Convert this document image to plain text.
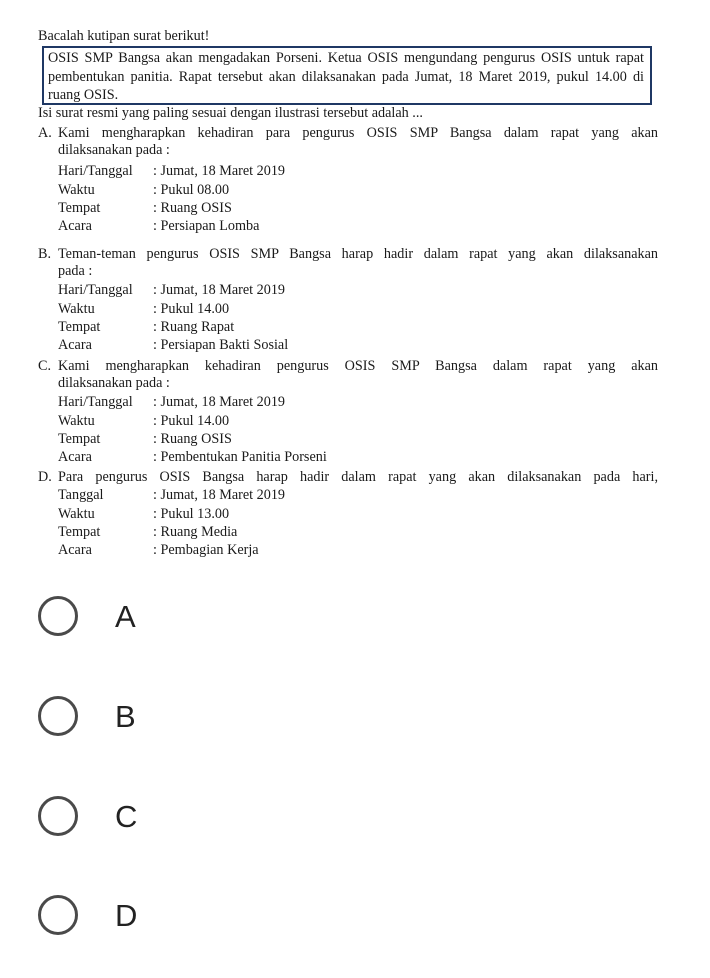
Bacalah kutipan surat berikut!
OSIS SMP Bangsa akan mengadakan Porseni. Ketua OSIS mengundang pengurus OSIS untuk rapat pembentukan panitia. Rapat tersebut akan dilaksanakan pada Jumat, 18 Maret 2019, pukul 14.00 di ruang OSIS.
Isi surat resmi yang paling sesuai dengan ilustrasi tersebut adalah ...
A. Kami mengharapkan kehadiran para pengurus OSIS SMP Bangsa dalam rapat yang akan
dilaksanakan pada :
Hari/Tanggal	: Jumat, 18 Maret 2019
Waktu	: Pukul 08.00
Tempat	: Ruang OSIS
Acara	: Persiapan Lomba
B. Teman-teman pengurus OSIS SMP Bangsa harap hadir dalam rapat yang akan dilaksanakan
pada :
Hari/Tanggal	: Jumat, 18 Maret 2019
Waktu	: Pukul 14.00
Tempat	: Ruang Rapat
Acara	: Persiapan Bakti Sosial
C. Kami mengharapkan kehadiran pengurus OSIS SMP Bangsa dalam rapat yang akan
dilaksanakan pada :
Hari/Tanggal	: Jumat, 18 Maret 2019
Waktu	: Pukul 14.00
Tempat	: Ruang OSIS
Acara	: Pembentukan Panitia Porseni
D. Para pengurus OSIS Bangsa harap hadir dalam rapat yang akan dilaksanakan pada hari,
Tanggal	: Jumat, 18 Maret 2019
Waktu	: Pukul 13.00
Tempat	: Ruang Media
Acara	: Pembagian Kerja
A
B
C
D
